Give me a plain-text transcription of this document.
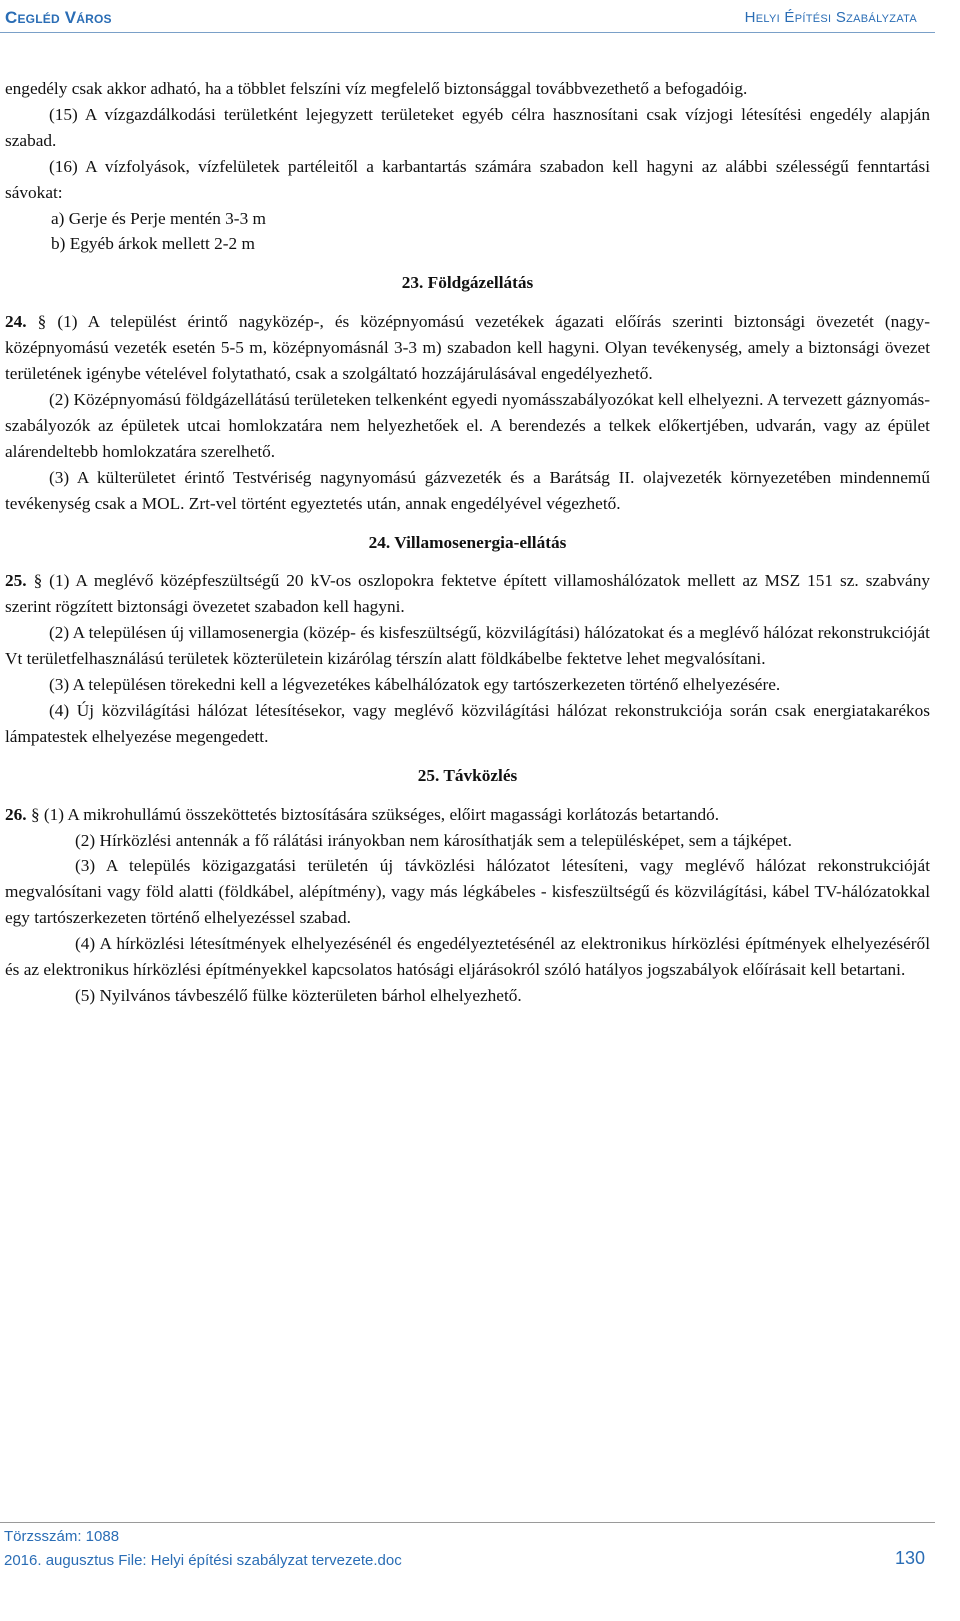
Cegléd Város	Helyi Építési Szabályzata

engedély csak akkor adható, ha a többlet felszíni víz megfelelő biztonsággal továbbvezethető a befogadóig.

(15) A vízgazdálkodási területként lejegyzett területeket egyéb célra hasznosítani csak vízjogi létesítési engedély alapján szabad.

(16) A vízfolyások, vízfelületek partéleitől a karbantartás számára szabadon kell hagyni az alábbi szélességű fenntartási sávokat:

a) Gerje és Perje mentén 3-3 m

b) Egyéb árkok mellett 2-2 m

23. Földgázellátás

24. § (1) A települést érintő nagyközép-, és középnyomású vezetékek ágazati előírás szerinti biztonsági övezetét (nagy-középnyomású vezeték esetén 5-5 m, középnyomásnál 3-3 m) szabadon kell hagyni. Olyan tevékenység, amely a biztonsági övezet területének igénybe vételével folytatható, csak a szolgáltató hozzájárulásával engedélyezhető.

(2) Középnyomású földgázellátású területeken telkenként egyedi nyomásszabályozókat kell elhelyezni. A tervezett gáznyomás-szabályozók az épületek utcai homlokzatára nem helyezhetőek el. A berendezés a telkek előkertjében, udvarán, vagy az épület alárendeltebb homlokzatára szerelhető.

(3) A külterületet érintő Testvériség nagynyomású gázvezeték és a Barátság II. olajvezeték környezetében mindennemű tevékenység csak a MOL. Zrt-vel történt egyeztetés után, annak engedélyével végezhető.

24. Villamosenergia-ellátás

25. § (1) A meglévő középfeszültségű 20 kV-os oszlopokra fektetve épített villamoshálózatok mellett az MSZ 151 sz. szabvány szerint rögzített biztonsági övezetet szabadon kell hagyni.

(2) A településen új villamosenergia (közép- és kisfeszültségű, közvilágítási) hálózatokat és a meglévő hálózat rekonstrukcióját Vt területfelhasználású területek közterületein kizárólag térszín alatt földkábelbe fektetve lehet megvalósítani.

(3) A településen törekedni kell a légvezetékes kábelhálózatok egy tartószerkezeten történő elhelyezésére.

(4) Új közvilágítási hálózat létesítésekor, vagy meglévő közvilágítási hálózat rekonstrukciója során csak energiatakarékos lámpatestek elhelyezése megengedett.

25. Távközlés

26. § (1) A mikrohullámú összeköttetés biztosítására szükséges, előirt magassági korlátozás betartandó.

(2) Hírközlési antennák a fő rálátási irányokban nem károsíthatják sem a településképet, sem a tájképet.

(3) A település közigazgatási területén új távközlési hálózatot létesíteni, vagy meglévő hálózat rekonstrukcióját megvalósítani vagy föld alatti (földkábel, alépítmény), vagy más légkábeles - kisfeszültségű és közvilágítási, kábel TV-hálózatokkal egy tartószerkezeten történő elhelyezéssel szabad.

(4) A hírközlési létesítmények elhelyezésénél és engedélyeztetésénél az elektronikus hírközlési építmények elhelyezéséről és az elektronikus hírközlési építményekkel kapcsolatos hatósági eljárásokról szóló hatályos jogszabályok előírásait kell betartani.

(5) Nyilvános távbeszélő fülke közterületen bárhol elhelyezhető.

Törzsszám: 1088
2016. augusztus File: Helyi építési szabályzat tervezete.doc	130
